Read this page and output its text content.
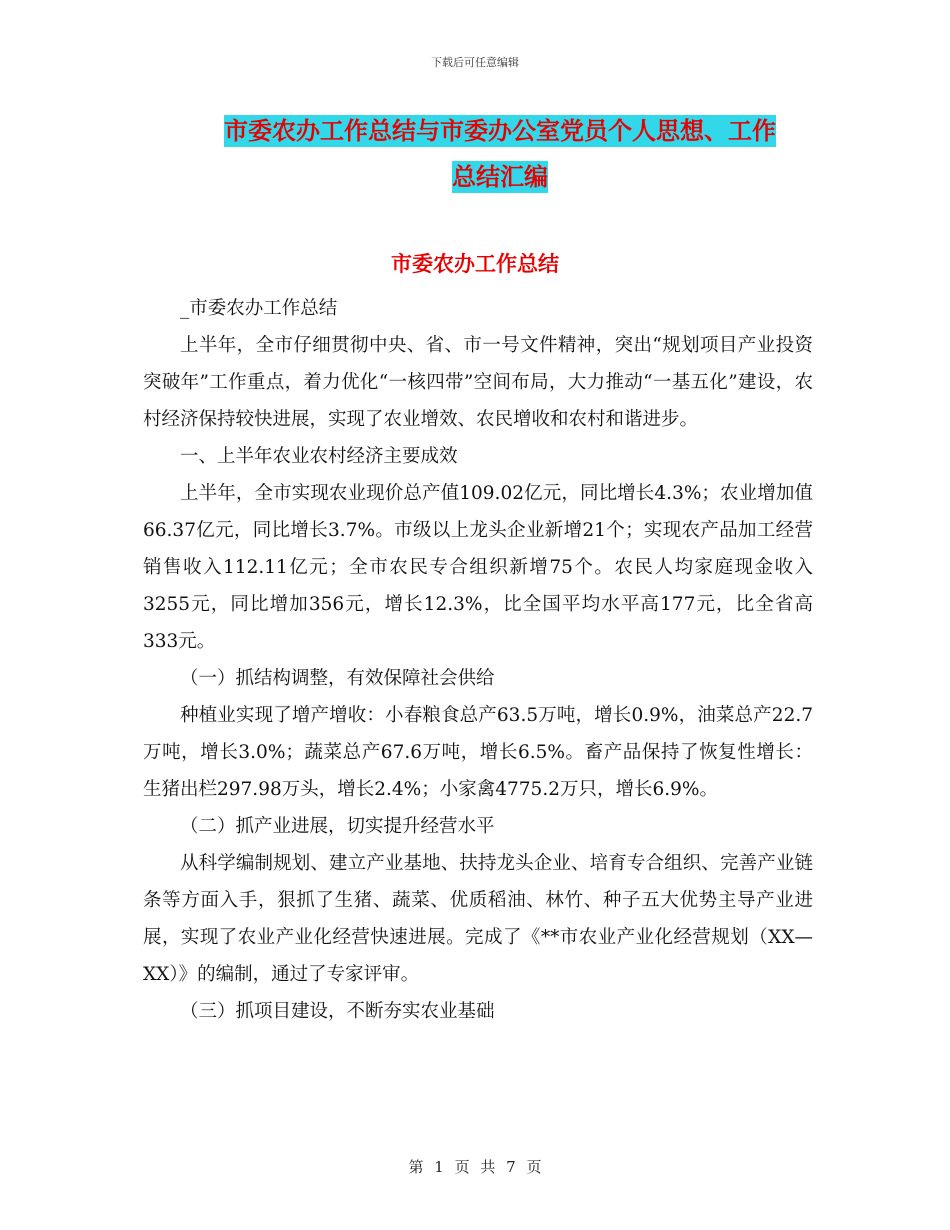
下载后可任意编辑
市委农办工作总结与市委办公室党员个人思想、工作
总结汇编
市委农办工作总结

_市委农办工作总结

上半年，全市仔细贯彻中央、省、市一号文件精神，突出“规划项目产业投资突破年”工作重点，着力优化“一核四带”空间布局，大力推动“一基五化”建设，农村经济保持较快进展，实现了农业增效、农民增收和农村和谐进步。

一、上半年农业农村经济主要成效

上半年，全市实现农业现价总产值109.02亿元，同比增长4.3%；农业增加值66.37亿元，同比增长3.7%。市级以上龙头企业新增21个；实现农产品加工经营销售收入112.11亿元；全市农民专合组织新增75个。农民人均家庭现金收入3255元，同比增加356元，增长12.3%，比全国平均水平高177元，比全省高333元。

（一）抓结构调整，有效保障社会供给

种植业实现了增产增收：小春粮食总产63.5万吨，增长0.9%，油菜总产22.7万吨，增长3.0%；蔬菜总产67.6万吨，增长6.5%。畜产品保持了恢复性增长：生猪出栏297.98万头，增长2.4%；小家禽4775.2万只，增长6.9%。

（二）抓产业进展，切实提升经营水平

从科学编制规划、建立产业基地、扶持龙头企业、培育专合组织、完善产业链条等方面入手，狠抓了生猪、蔬菜、优质稻油、林竹、种子五大优势主导产业进展，实现了农业产业化经营快速进展。完成了《**市农业产业化经营规划（XX—XX）》的编制，通过了专家评审。

（三）抓项目建设，不断夯实农业基础

第 1 页 共 7 页
